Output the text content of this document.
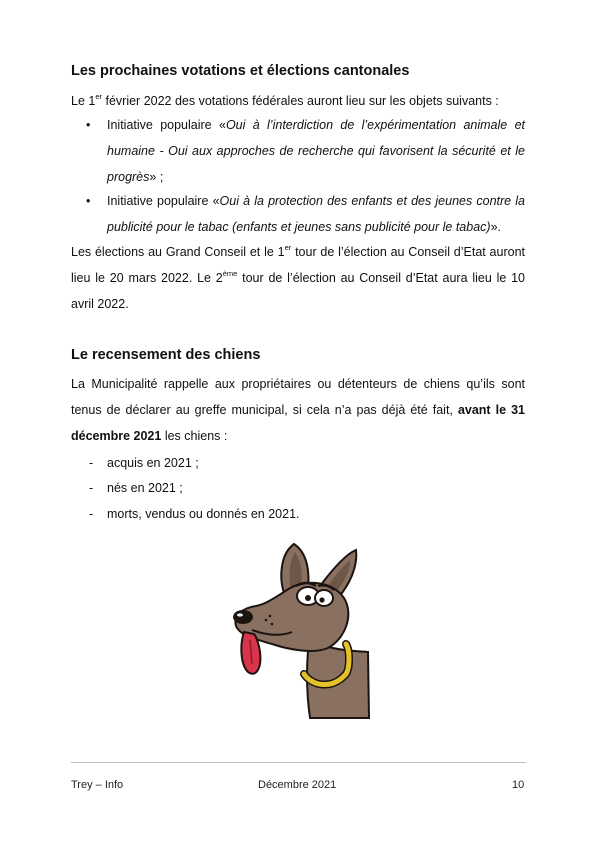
Les prochaines votations et élections cantonales

Le 1er février 2022 des votations fédérales auront lieu sur les objets suivants :

• Initiative populaire «Oui à l’interdiction de l’expérimentation animale et humaine - Oui aux approches de recherche qui favorisent la sécurité et le progrès» ;

• Initiative populaire «Oui à la protection des enfants et des jeunes contre la publicité pour le tabac (enfants et jeunes sans publicité pour le tabac)».

Les élections au Grand Conseil et le 1er tour de l’élection au Conseil d’Etat auront lieu le 20 mars 2022. Le 2ème tour de l’élection au Conseil d’Etat aura lieu le 10 avril 2022.

Le recensement des chiens

La Municipalité rappelle aux propriétaires ou détenteurs de chiens qu’ils sont tenus de déclarer au greffe municipal, si cela n’a pas déjà été fait, avant le 31 décembre 2021 les chiens :

- acquis en 2021 ;
- nés en 2021 ;
- morts, vendus ou donnés en 2021.
Trey – Info	Décembre 2021	10
